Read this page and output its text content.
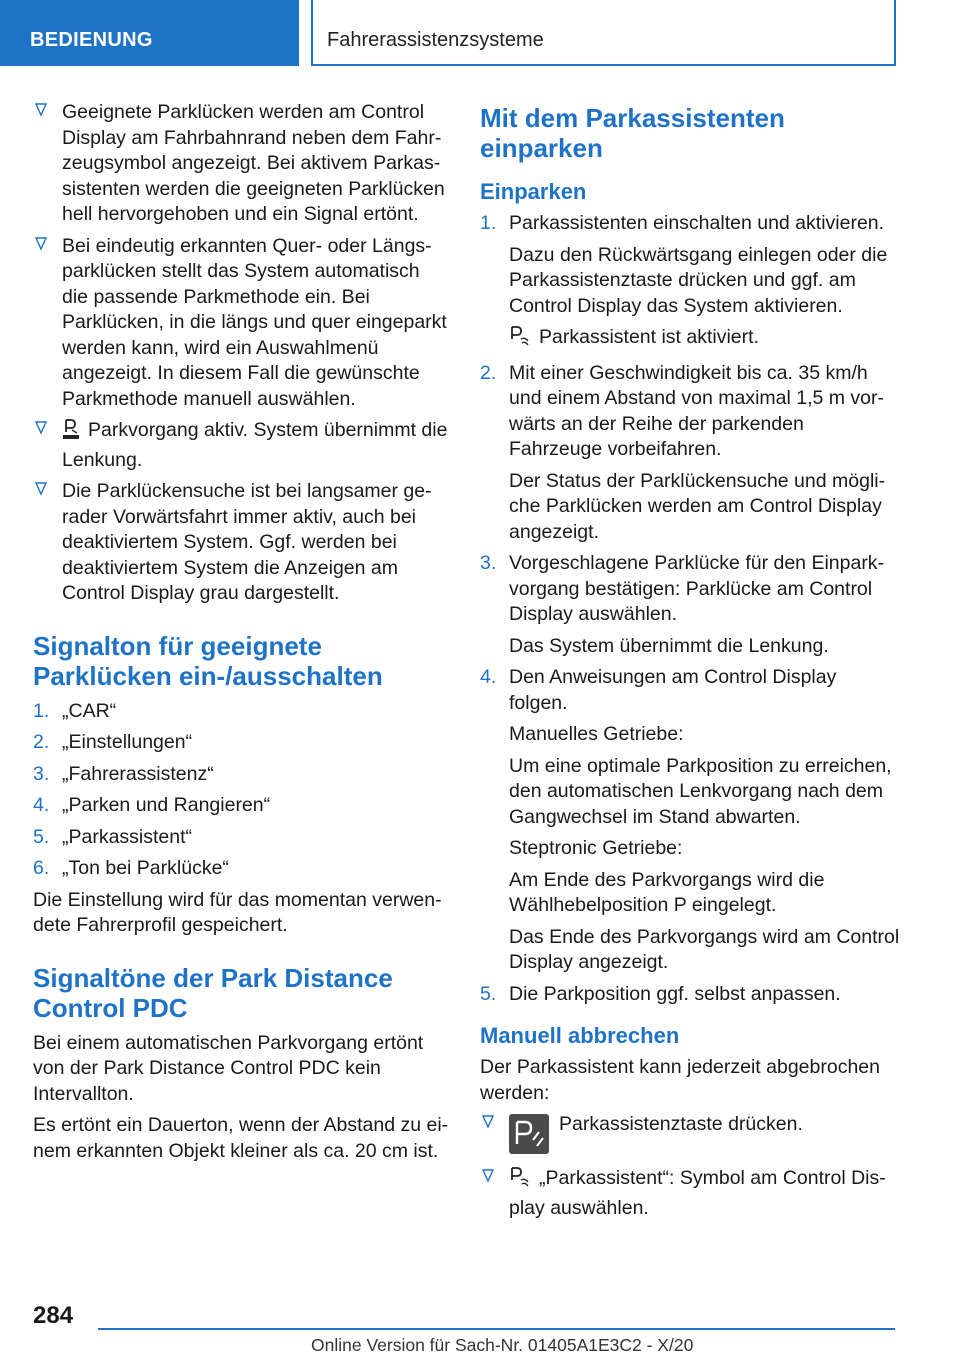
BEDIENUNG	Fahrerassistenzsysteme
Geeignete Parklücken werden am Control Display am Fahrbahnrand neben dem Fahrzeugsymbol angezeigt. Bei aktivem Parkassistenten werden die geeigneten Parklücken hell hervorgehoben und ein Signal ertönt.
Bei eindeutig erkannten Quer- oder Längsparklücken stellt das System automatisch die passende Parkmethode ein. Bei Parklücken, in die längs und quer eingeparkt werden kann, wird ein Auswahlmenü angezeigt. In diesem Fall die gewünschte Parkmethode manuell auswählen.
Parkvorgang aktiv. System übernimmt die Lenkung.
Die Parklückensuche ist bei langsamer gerader Vorwärtsfahrt immer aktiv, auch bei deaktiviertem System. Ggf. werden bei deaktiviertem System die Anzeigen am Control Display grau dargestellt.
Signalton für geeignete Parklücken ein-/ausschalten
1. „CAR“
2. „Einstellungen“
3. „Fahrerassistenz“
4. „Parken und Rangieren“
5. „Parkassistent“
6. „Ton bei Parklücke“
Die Einstellung wird für das momentan verwendete Fahrerprofil gespeichert.
Signaltöne der Park Distance Control PDC
Bei einem automatischen Parkvorgang ertönt von der Park Distance Control PDC kein Intervallton.
Es ertönt ein Dauerton, wenn der Abstand zu einem erkannten Objekt kleiner als ca. 20 cm ist.
Mit dem Parkassistenten einparken
Einparken
1. Parkassistenten einschalten und aktivieren.
Dazu den Rückwärtsgang einlegen oder die Parkassistenztaste drücken und ggf. am Control Display das System aktivieren.
Parkassistent ist aktiviert.
2. Mit einer Geschwindigkeit bis ca. 35 km/h und einem Abstand von maximal 1,5 m vorwärts an der Reihe der parkenden Fahrzeuge vorbeifahren.
Der Status der Parklückensuche und mögliche Parklücken werden am Control Display angezeigt.
3. Vorgeschlagene Parklücke für den Einparkvorgang bestätigen: Parklücke am Control Display auswählen.
Das System übernimmt die Lenkung.
4. Den Anweisungen am Control Display folgen.
Manuelles Getriebe:
Um eine optimale Parkposition zu erreichen, den automatischen Lenkvorgang nach dem Gangwechsel im Stand abwarten.
Steptronic Getriebe:
Am Ende des Parkvorgangs wird die Wählhebelposition P eingelegt.
Das Ende des Parkvorgangs wird am Control Display angezeigt.
5. Die Parkposition ggf. selbst anpassen.
Manuell abbrechen
Der Parkassistent kann jederzeit abgebrochen werden:
Parkassistenztaste drücken.
„Parkassistent“: Symbol am Control Display auswählen.
284
Online Version für Sach-Nr. 01405A1E3C2 - X/20
